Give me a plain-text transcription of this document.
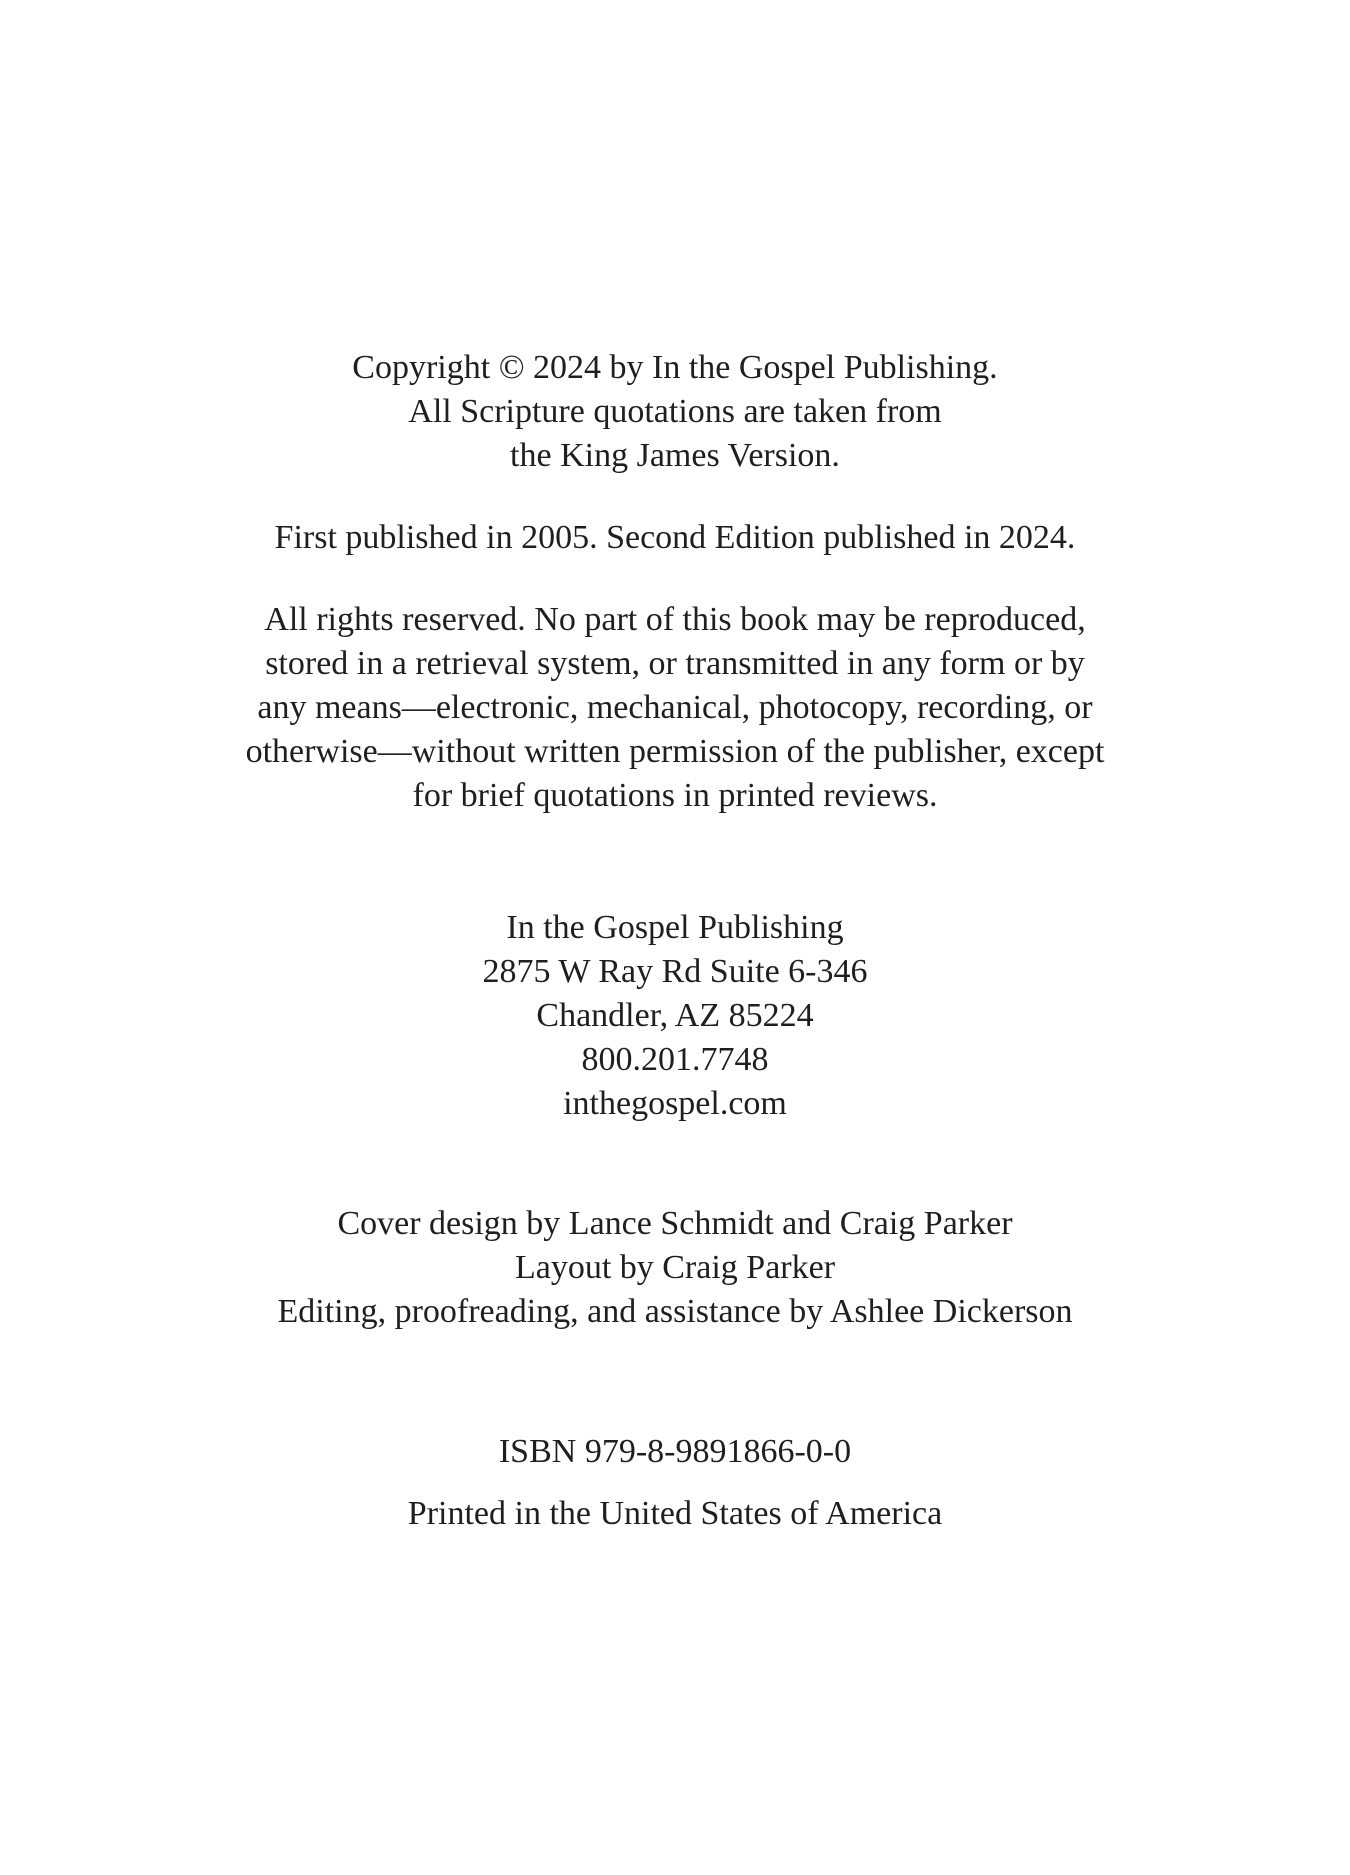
Copyright © 2024 by In the Gospel Publishing.
All Scripture quotations are taken from
the King James Version.
First published in 2005. Second Edition published in 2024.
All rights reserved. No part of this book may be reproduced,
stored in a retrieval system, or transmitted in any form or by
any means—electronic, mechanical, photocopy, recording, or
otherwise—without written permission of the publisher, except
for brief quotations in printed reviews.
In the Gospel Publishing
2875 W Ray Rd Suite 6-346
Chandler, AZ 85224
800.201.7748
inthegospel.com
Cover design by Lance Schmidt and Craig Parker
Layout by Craig Parker
Editing, proofreading, and assistance by Ashlee Dickerson
ISBN 979-8-9891866-0-0
Printed in the United States of America
